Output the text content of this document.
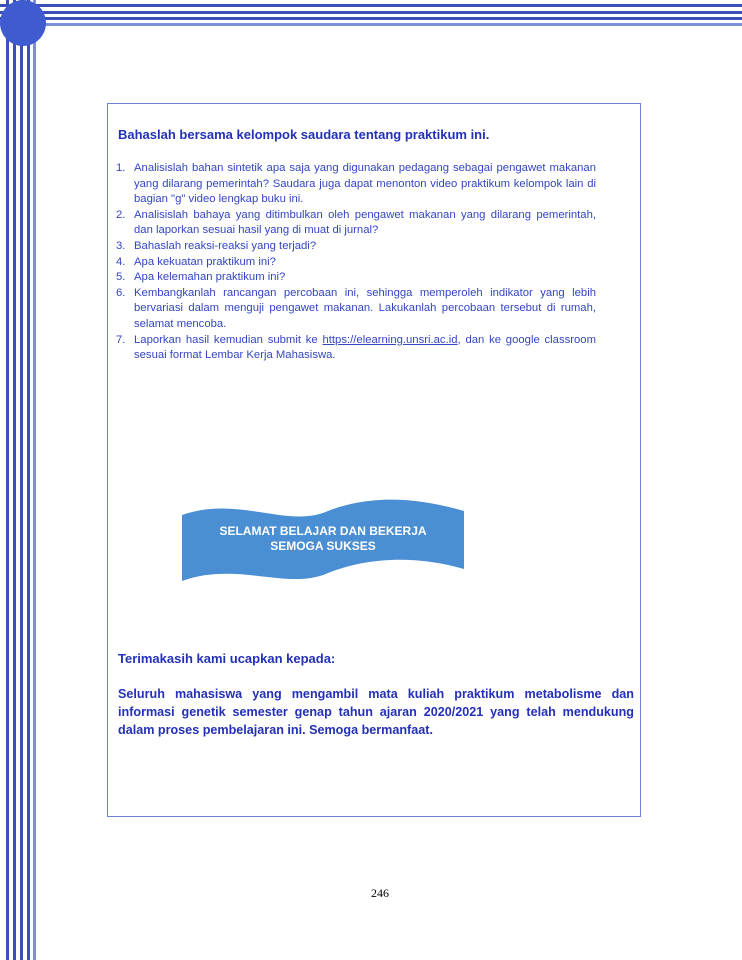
Bahaslah bersama kelompok saudara tentang praktikum ini.
1. Analisislah bahan sintetik apa saja yang digunakan pedagang sebagai pengawet makanan yang dilarang pemerintah? Saudara juga dapat menonton video praktikum kelompok lain di bagian "g" video lengkap buku ini.
2. Analisislah bahaya yang ditimbulkan oleh pengawet makanan yang dilarang pemerintah, dan laporkan sesuai hasil yang di muat di jurnal?
3. Bahaslah reaksi-reaksi yang terjadi?
4. Apa kekuatan praktikum ini?
5. Apa kelemahan praktikum ini?
6. Kembangkanlah rancangan percobaan ini, sehingga memperoleh indikator yang lebih bervariasi dalam menguji pengawet makanan. Lakukanlah percobaan tersebut di rumah, selamat mencoba.
7. Laporkan hasil kemudian submit ke https://elearning.unsri.ac.id, dan ke google classroom sesuai format Lembar Kerja Mahasiswa.
SELAMAT BELAJAR DAN BEKERJA
SEMOGA SUKSES
Terimakasih kami ucapkan kepada:

Seluruh mahasiswa yang mengambil mata kuliah praktikum metabolisme dan informasi genetik semester genap tahun ajaran 2020/2021 yang telah mendukung dalam proses pembelajaran ini. Semoga bermanfaat.

246
